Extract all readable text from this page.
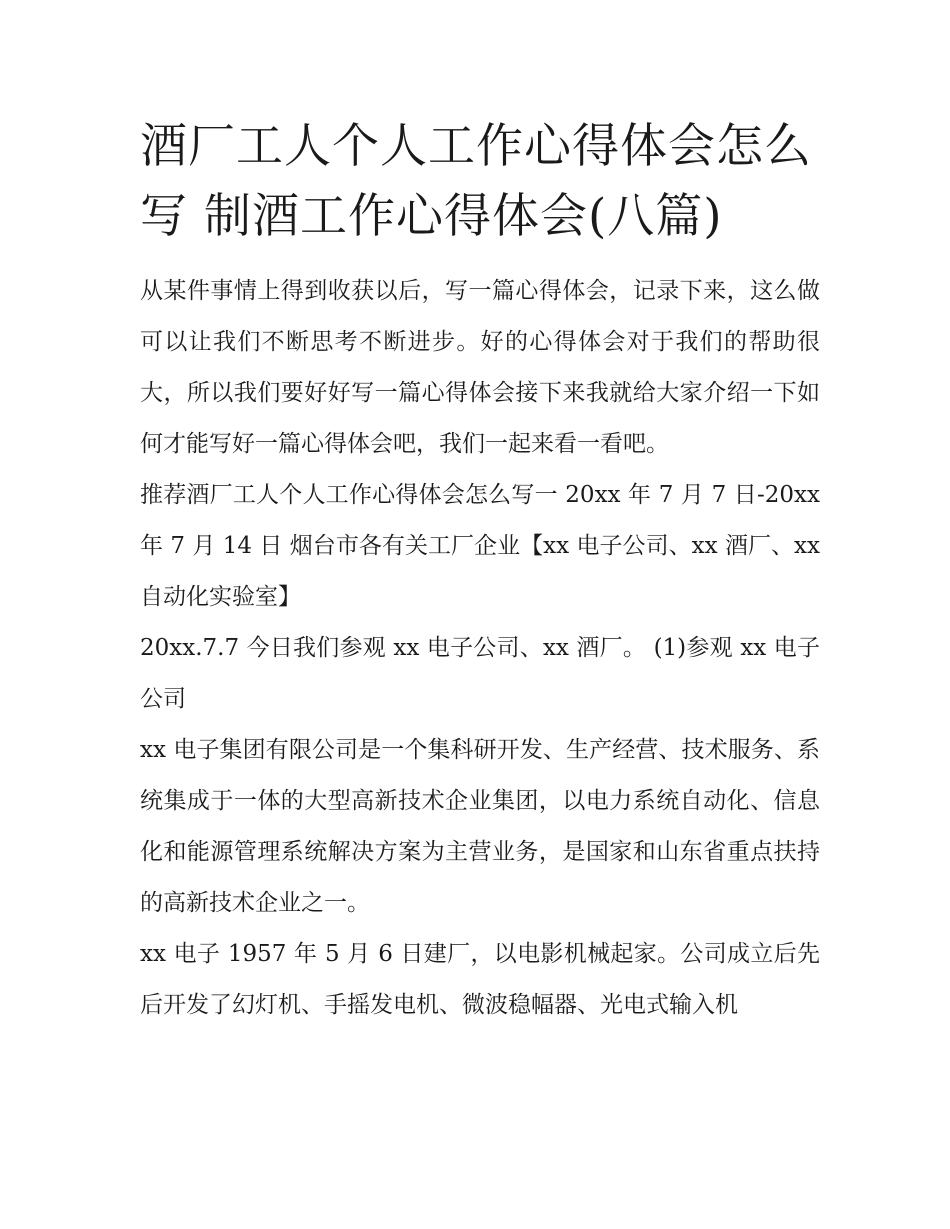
酒厂工人个人工作心得体会怎么写 制酒工作心得体会(八篇)

从某件事情上得到收获以后，写一篇心得体会，记录下来，这么做可以让我们不断思考不断进步。好的心得体会对于我们的帮助很大，所以我们要好好写一篇心得体会接下来我就给大家介绍一下如何才能写好一篇心得体会吧，我们一起来看一看吧。

推荐酒厂工人个人工作心得体会怎么写一 20xx 年 7 月 7 日-20xx 年 7 月 14 日 烟台市各有关工厂企业【xx 电子公司、xx 酒厂、xx 自动化实验室】

20xx.7.7 今日我们参观 xx 电子公司、xx 酒厂。 (1)参观 xx 电子公司

xx 电子集团有限公司是一个集科研开发、生产经营、技术服务、系统集成于一体的大型高新技术企业集团，以电力系统自动化、信息化和能源管理系统解决方案为主营业务，是国家和山东省重点扶持的高新技术企业之一。

xx 电子 1957 年 5 月 6 日建厂，以电影机械起家。公司成立后先后开发了幻灯机、手摇发电机、微波稳幅器、光电式输入机
